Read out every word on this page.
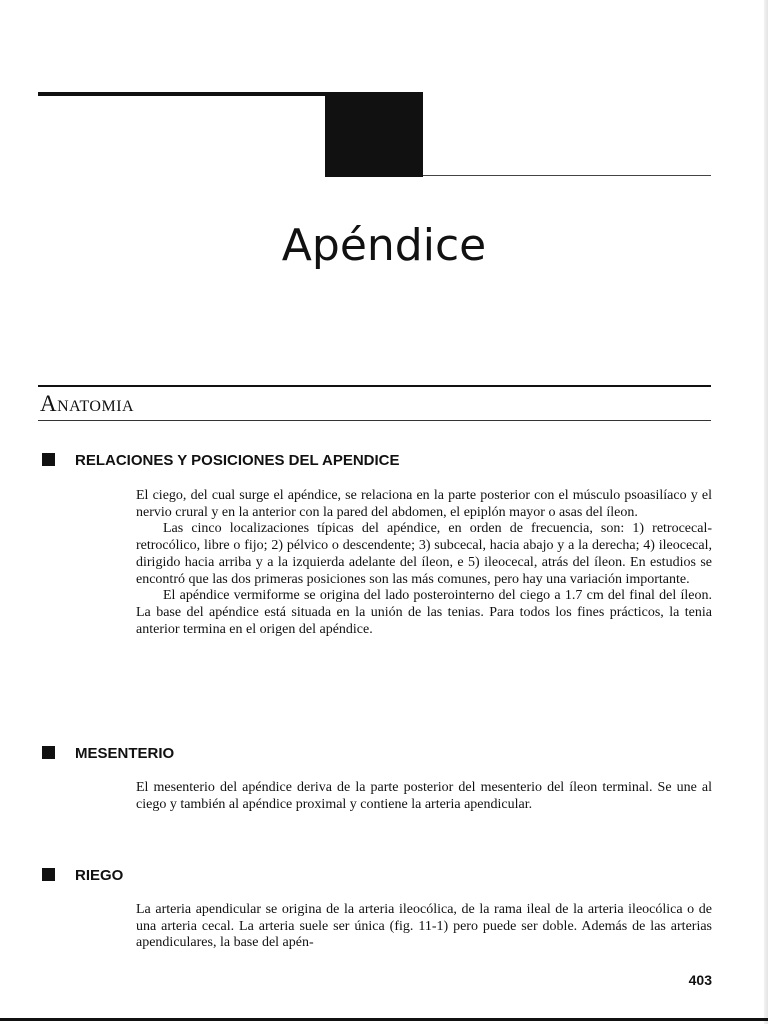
Apéndice
Anatomia
RELACIONES Y POSICIONES DEL APENDICE

El ciego, del cual surge el apéndice, se relaciona en la parte posterior con el músculo psoasilíaco y el nervio crural y en la anterior con la pared del abdomen, el epiplón mayor o asas del íleon.

Las cinco localizaciones típicas del apéndice, en orden de frecuencia, son: 1) retrocecal-retrocólico, libre o fijo; 2) pélvico o descendente; 3) subcecal, hacia abajo y a la derecha; 4) ileocecal, dirigido hacia arriba y a la izquierda adelante del íleon, e 5) ileocecal, atrás del íleon. En estudios se encontró que las dos primeras posiciones son las más comunes, pero hay una variación importante.

El apéndice vermiforme se origina del lado posterointerno del ciego a 1.7 cm del final del íleon. La base del apéndice está situada en la unión de las tenias. Para todos los fines prácticos, la tenia anterior termina en el origen del apéndice.

MESENTERIO

El mesenterio del apéndice deriva de la parte posterior del mesenterio del íleon terminal. Se une al ciego y también al apéndice proximal y contiene la arteria apendicular.

RIEGO

La arteria apendicular se origina de la arteria ileocólica, de la rama ileal de la arteria ileocólica o de una arteria cecal. La arteria suele ser única (fig. 11-1) pero puede ser doble. Además de las arterias apendiculares, la base del apén-

403
